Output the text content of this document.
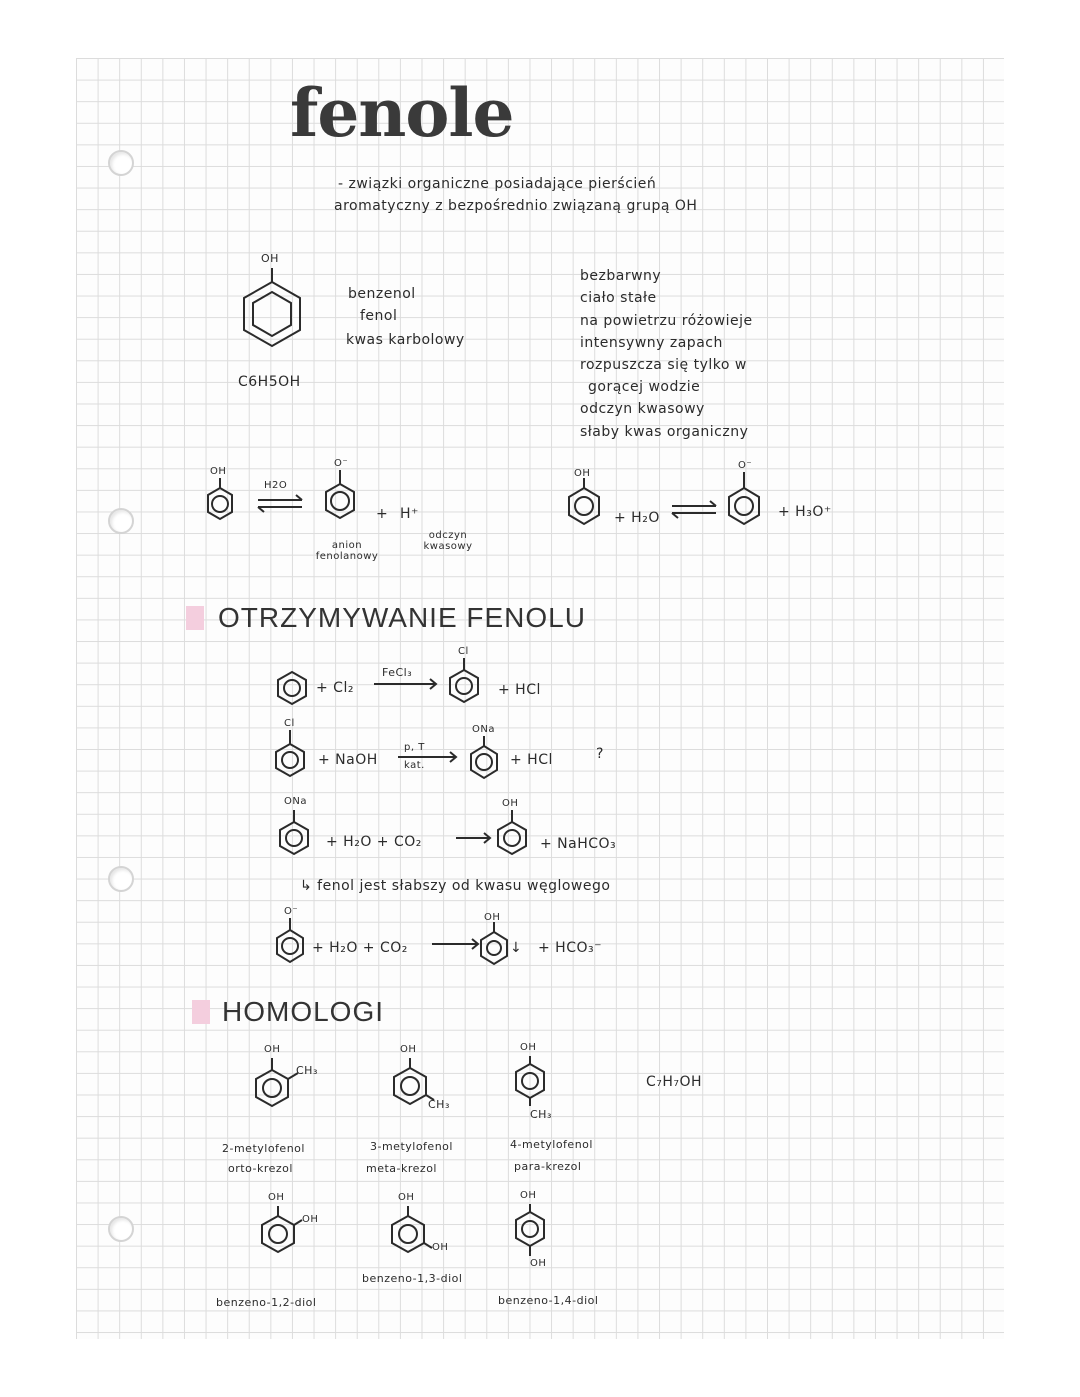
fenole
- związki organiczne posiadające pierścień
aromatyczny z bezpośrednio związaną grupą OH
OH
C6H5OH
benzenol
fenol
kwas karbolowy
bezbarwny
ciało stałe
na powietrzu różowieje
intensywny zapach
rozpuszcza się tylko w
gorącej wodzie
odczyn kwasowy
słaby kwas organiczny
OH
H2O
O⁻
+ H⁺
anion fenolanowy
odczyn kwasowy
OH
+ H₂O
O⁻
+ H₃O⁺
OTRZYMYWANIE FENOLU
+ Cl₂
FeCl₃
Cl
+ HCl
Cl
+ NaOH
p, T
kat.
ONa
+ HCl	?
ONa
+ H₂O + CO₂
OH
+ NaHCO₃
↳ fenol jest słabszy od kwasu węglowego
O⁻
+ H₂O + CO₂
OH
↓ + HCO₃⁻
HOMOLOGI
OH
CH₃
2-metylofenol
orto-krezol
OH
CH₃
3-metylofenol
meta-krezol
OH
CH₃
4-metylofenol
para-krezol
C₇H₇OH
OH
OH
benzeno-1,2-diol
OH
OH
benzeno-1,3-diol
OH
OH
benzeno-1,4-diol
